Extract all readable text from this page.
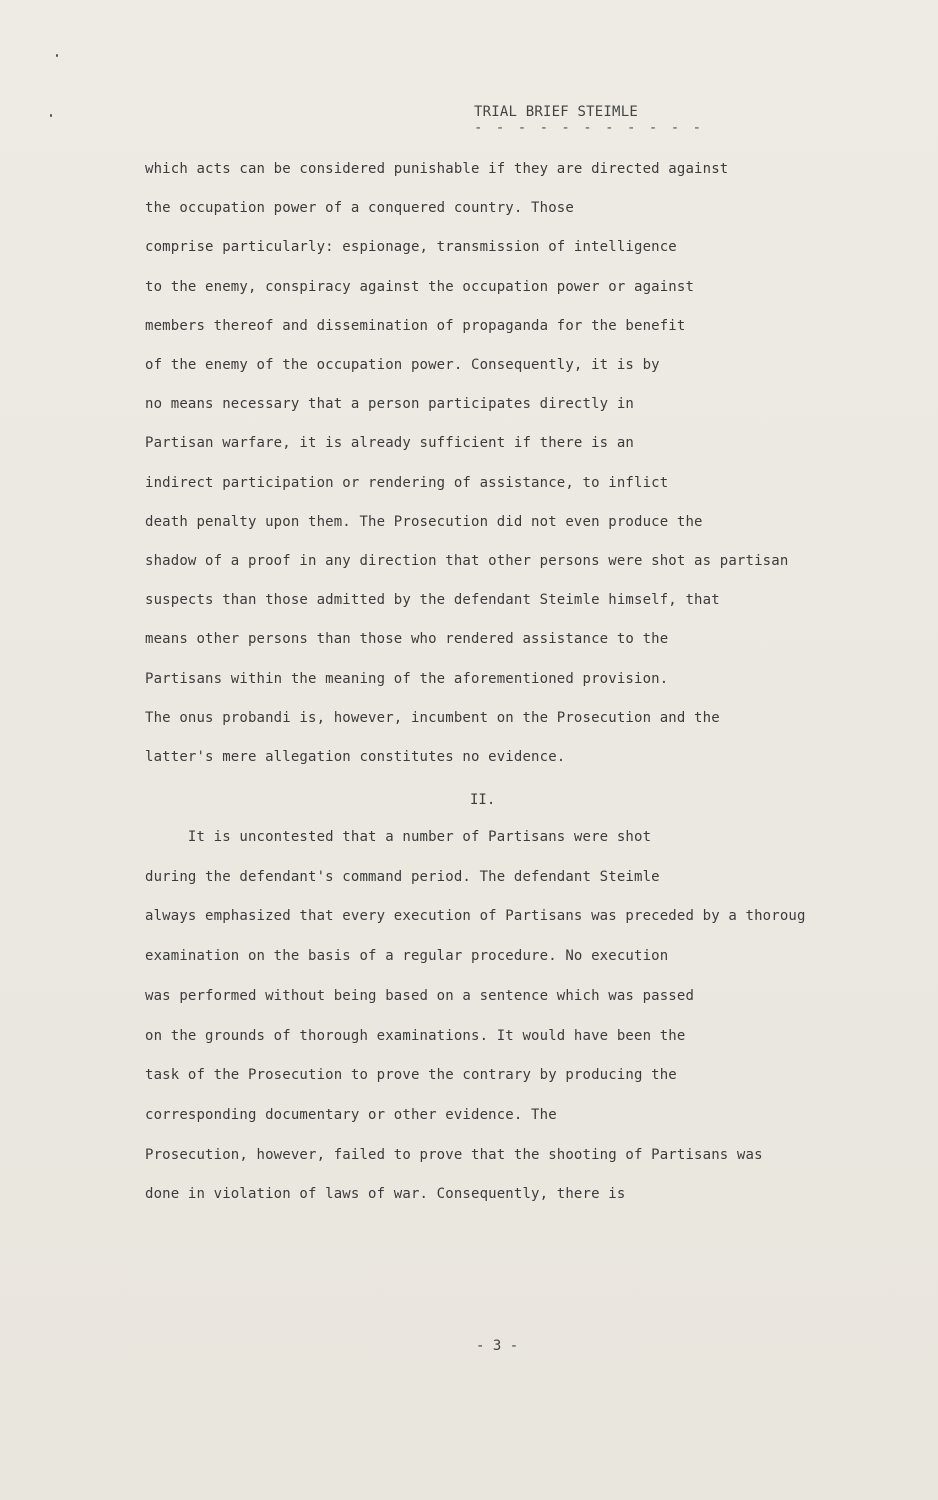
TRIAL BRIEF STEIMLE
- - - - - - - - - - -
which acts can be considered punishable if they are directed against
the occupation power of a conquered country. Those
comprise particularly: espionage, transmission of intelligence
to the enemy, conspiracy against the occupation power or against
members thereof and dissemination of propaganda for the benefit
of the enemy of the occupation power. Consequently, it is by
no means necessary that a person participates directly in
Partisan warfare, it is already sufficient if there is an
indirect participation or rendering of assistance, to inflict
death penalty upon them. The Prosecution did not even produce the
shadow of a proof in any direction that other persons were shot as partisan
suspects than those admitted by the defendant Steimle himself, that
means other persons than those who rendered assistance to the
Partisans within the meaning of the aforementioned provision.
The onus probandi is, however, incumbent on the Prosecution and the
latter's mere allegation constitutes no evidence.
II.
It is uncontested that a number of Partisans were shot
during the defendant's command period. The defendant Steimle
always emphasized that every execution of Partisans was preceded by a thoroug
examination on the basis of a regular procedure. No execution
was performed without being based on a sentence which was passed
on the grounds of thorough examinations. It would have been the
task of the Prosecution to prove the contrary by producing the
corresponding documentary or other evidence. The
Prosecution, however, failed to prove that the shooting of Partisans was
done in violation of laws of war. Consequently, there is
- 3 -
